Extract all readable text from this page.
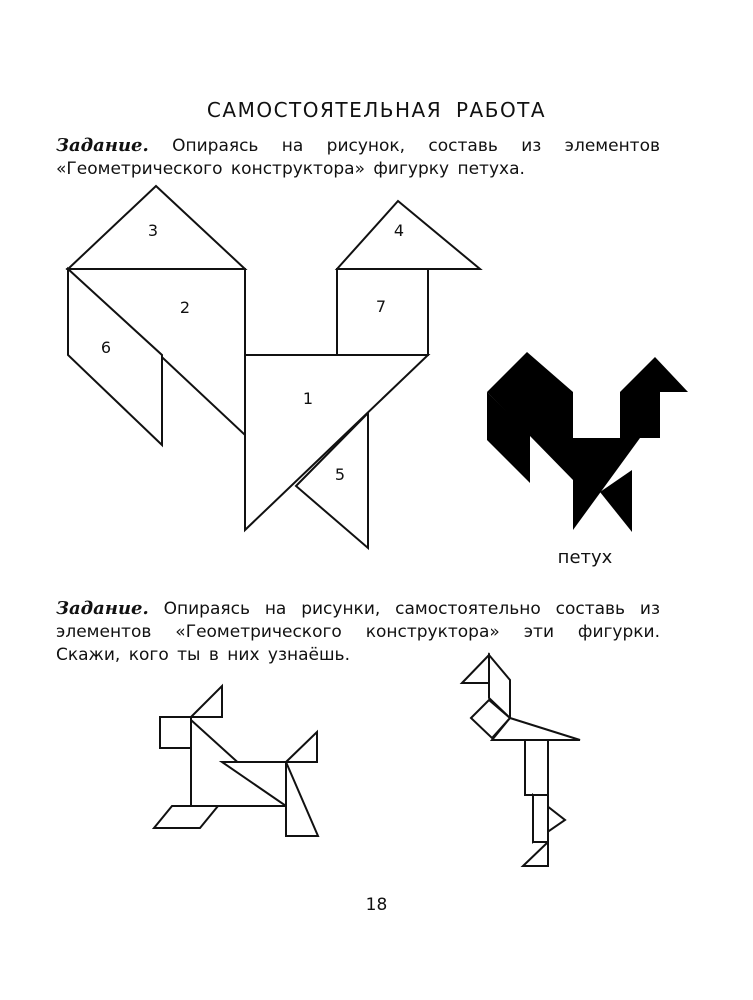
САМОСТОЯТЕЛЬНАЯ РАБОТА
Задание. Опираясь на рисунок, составь из элементов «Геометрического конструктора» фигурку петуха.
3
2
6
1
7
4
5
петух
Задание. Опираясь на рисунки, самостоятельно составь из элементов «Геометрического конструктора» эти фигурки. Скажи, кого ты в них узнаёшь.
18
